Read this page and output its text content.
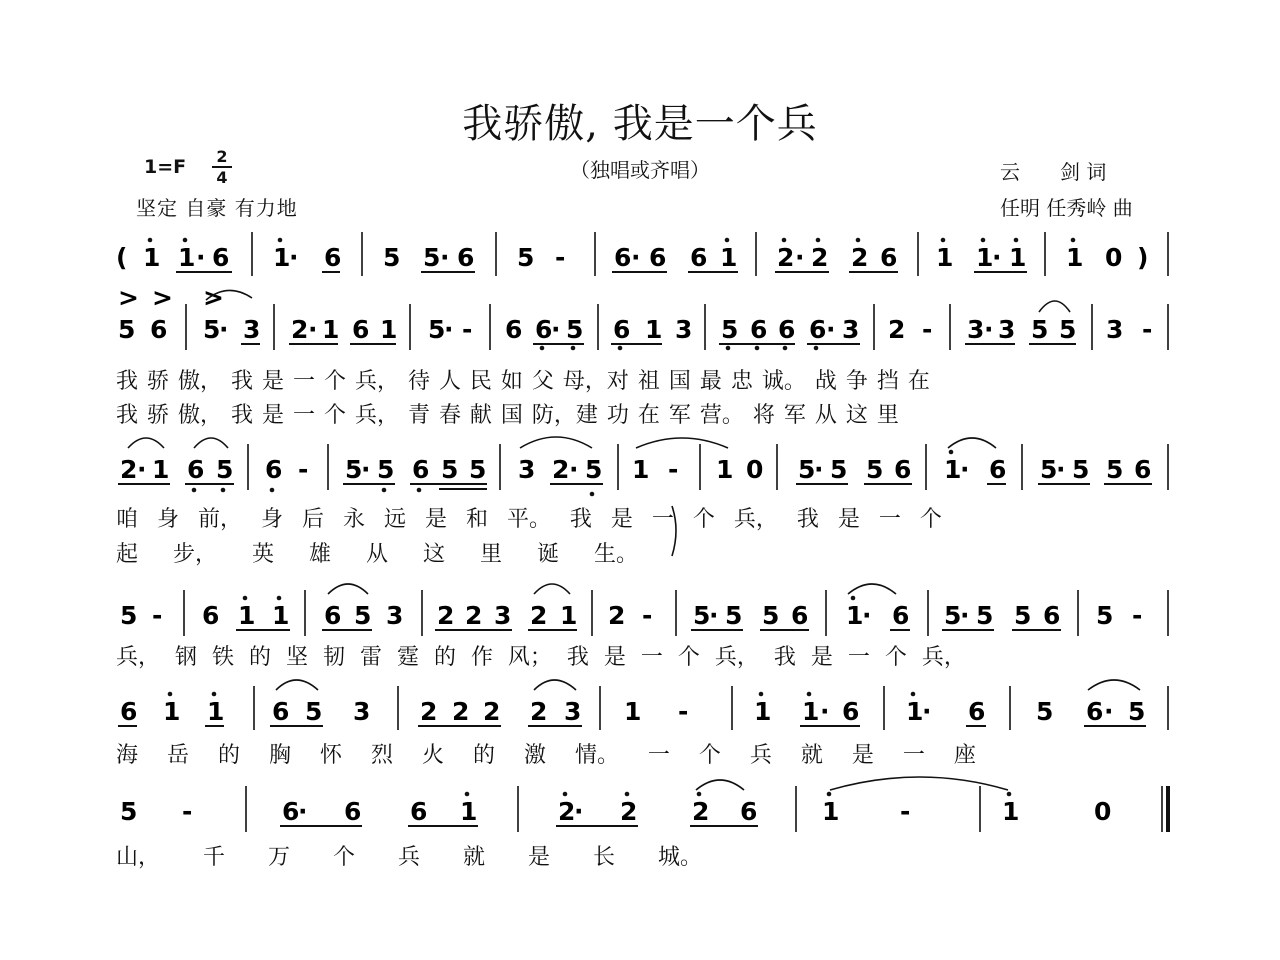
我骄傲, 我是一个兵
（独唱或齐唱）
1=F 2
4
坚定 自豪 有力地
云　　剑 词
任明 任秀岭 曲
( 1 1 · 6 1
· 6 5 5 · 6 5 - 6 · 6 6 1 2 · 2 2 6 1 1
· 1 1 0 )
> > >
5 6 5
· 3 2 · 1 6 1 5
· - 6 6
· 5 6 1 3 5 6 6 6 · 3 2 - 3 · 3 5 5 3 -
2 · 1 6 5 6 - 5
· 5 6 5 5 3 2 · 5 1 - 1 0 5
· 5 5 6 1
· 6 5
· 5 5 6
5 - 6 1 1 6 5 3 2 2 3 2 1 2 - 5
· 5 5 6 1
· 6 5
· 5 5 6 5 -
6 1 1 6 5 3 2 2 2 2 3 1 -	1 1 · 6 1
· 6 5 6 · 5
5 -	6
· 6 6 1	2
· 2 2 6	1 -	1	0
我 骄 傲， 我 是 一 个 兵， 待 人 民 如 父 母，对 祖 国 最 忠 诚。 战 争 挡 在
我 骄 傲， 我 是 一 个 兵， 青 春 献 国 防，建 功 在 军 营。 将 军 从 这 里
咱 身 前， 身 后 永 远 是 和 平。 我 是 一 个 兵， 我 是 一 个
起 步， 英 雄 从 这 里 诞 生。
兵， 钢 铁 的 坚 韧 雷 霆 的 作 风； 我 是 一 个 兵， 我 是 一 个 兵，
海 岳 的 胸 怀 烈 火 的 激 情。 一 个 兵 就 是 一 座
山， 千 万 个 兵 就 是 长 城。
( i i·6 | i· 6 | 5 5·6 | 5 - | 6·6 6 i | 2·2 2 6 | i i·i | i 0 ) 5 6 | 5· 3 | 2·1 6 1 | 5 - | 6 6·5 | 6 1 3 | 5 6 6 6·3 | 2 - | 3·3 5 5 | 3 - 2·1 6 5 | 6 - | 5·5 6 5 5 | 3 2·5 | 1 - | 1 0 | 5·5 5 6 | i· 6 | 5·5 5 6 5 - | 6 i i | 6 5 3 | 2 2 3 2 1 | 2 - | 5·5 5 6 | i· 6 | 5·5 5 6 | 5 - 6 i i | 6 5 3 | 2 2 2 2 3 | 1 - | i i·6 | i· 6 | 5 6·5 5 - | 6·6 6 i | 2·2 2 6 | i - | i 0 ||
